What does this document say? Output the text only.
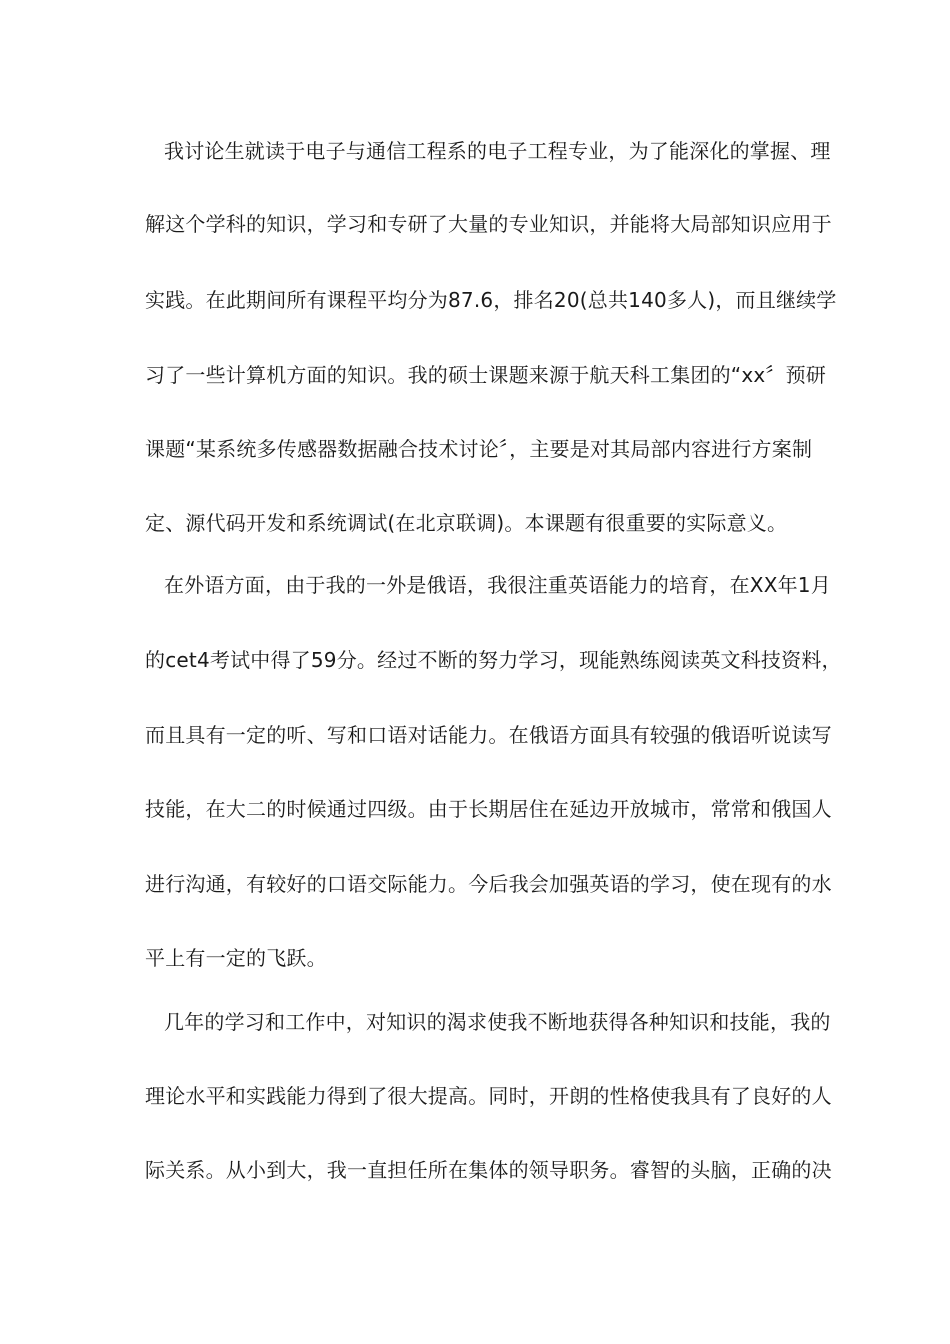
我讨论生就读于电子与通信工程系的电子工程专业，为了能深化的掌握、理
解这个学科的知识，学习和专研了大量的专业知识，并能将大局部知识应用于
实践。在此期间所有课程平均分为87.6，排名20(总共140多人)，而且继续学
习了一些计算机方面的知识。我的硕士课题来源于航天科工集团的“xx〞预研
课题“某系统多传感器数据融合技术讨论〞，主要是对其局部内容进行方案制
定、源代码开发和系统调试(在北京联调)。本课题有很重要的实际意义。
在外语方面，由于我的一外是俄语，我很注重英语能力的培育，在XX年1月
的cet4考试中得了59分。经过不断的努力学习，现能熟练阅读英文科技资料，
而且具有一定的听、写和口语对话能力。在俄语方面具有较强的俄语听说读写
技能，在大二的时候通过四级。由于长期居住在延边开放城市，常常和俄国人
进行沟通，有较好的口语交际能力。今后我会加强英语的学习，使在现有的水
平上有一定的飞跃。
几年的学习和工作中，对知识的渴求使我不断地获得各种知识和技能，我的
理论水平和实践能力得到了很大提高。同时，开朗的性格使我具有了良好的人
际关系。从小到大，我一直担任所在集体的领导职务。睿智的头脑，正确的决
